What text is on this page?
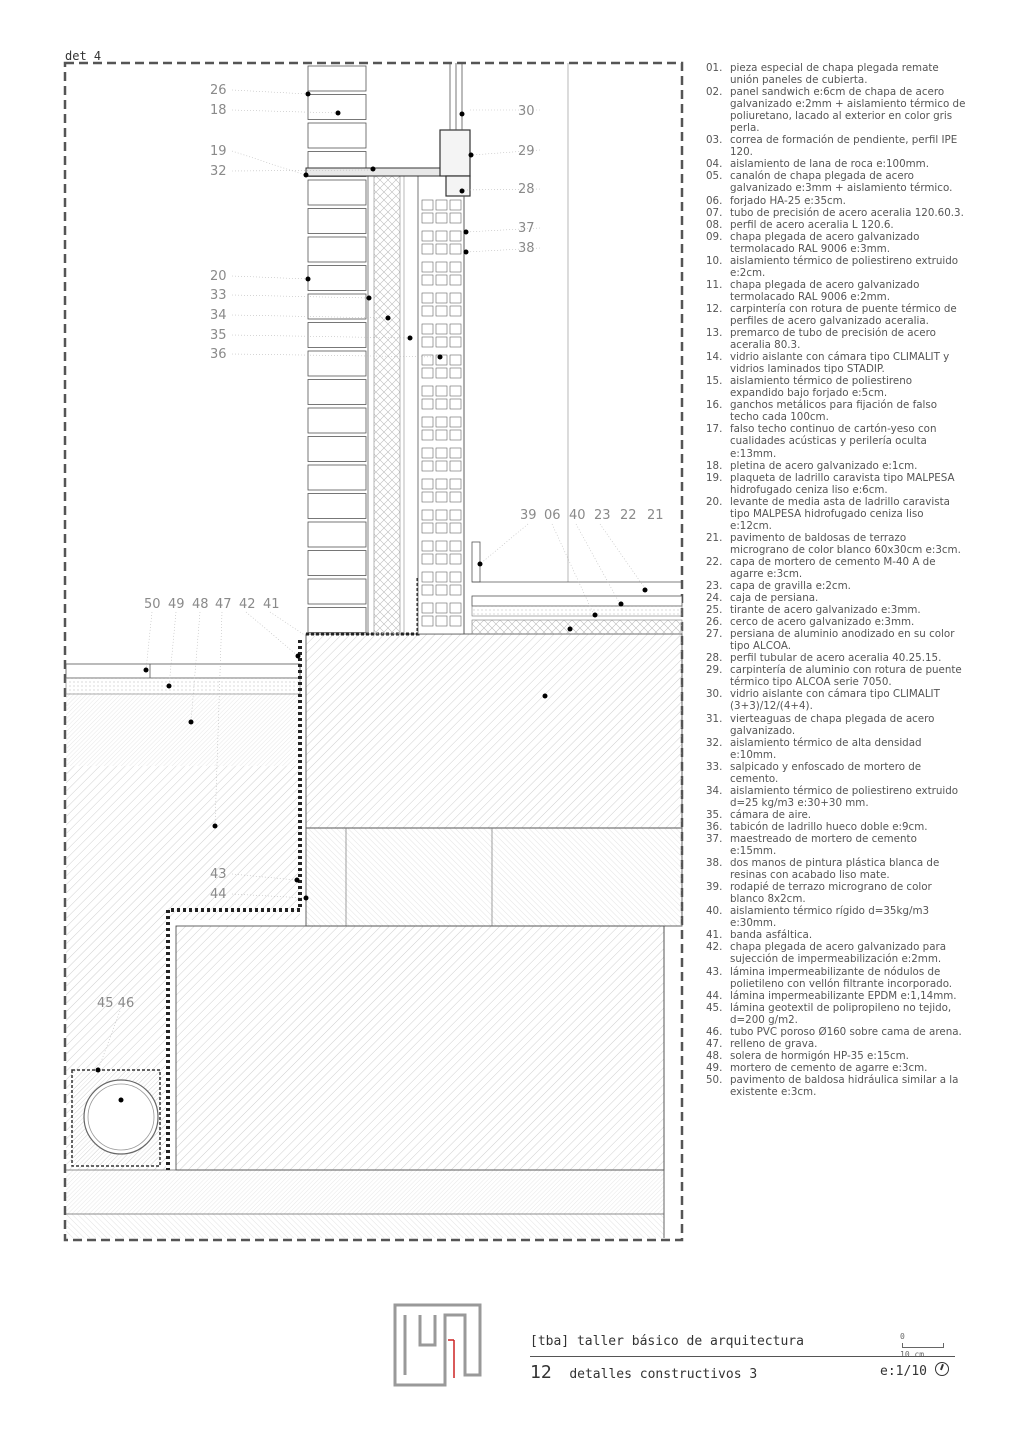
det 4
26
18
19
32
30
29
28
37
38
20
33
34
35
36
39 06 40 23 22 21
50 49 48 47 42 41
43
44
45 46
01. pieza especial de chapa plegada remate unión paneles de cubierta.
02. panel sandwich e:6cm de chapa de acero galvanizado e:2mm + aislamiento térmico de poliuretano, lacado al exterior en color gris perla.
03. correa de formación de pendiente, perfil IPE 120.
04. aislamiento de lana de roca e:100mm.
05. canalón de chapa plegada de acero galvanizado e:3mm + aislamiento térmico.
06. forjado HA-25 e:35cm.
07. tubo de precisión de acero aceralia 120.60.3.
08. perfil de acero aceralia L 120.6.
09. chapa plegada de acero galvanizado termolacado RAL 9006 e:3mm.
10. aislamiento térmico de poliestireno extruido e:2cm.
11. chapa plegada de acero galvanizado termolacado RAL 9006 e:2mm.
12. carpintería con rotura de puente térmico de perfiles de acero galvanizado aceralia.
13. premarco de tubo de precisión de acero aceralia 80.3.
14. vidrio aislante con cámara tipo CLIMALIT y vidrios laminados tipo STADIP.
15. aislamiento térmico de poliestireno expandido bajo forjado e:5cm.
16. ganchos metálicos para fijación de falso techo cada 100cm.
17. falso techo continuo de cartón-yeso con cualidades acústicas y perilería oculta e:13mm.
18. pletina de acero galvanizado e:1cm.
19. plaqueta de ladrillo caravista tipo MALPESA hidrofugado ceniza liso e:6cm.
20. levante de media asta de ladrillo caravista tipo MALPESA hidrofugado ceniza liso e:12cm.
21. pavimento de baldosas de terrazo micrograno de color blanco 60x30cm e:3cm.
22. capa de mortero de cemento M-40 A de agarre e:3cm.
23. capa de gravilla e:2cm.
24. caja de persiana.
25. tirante de acero galvanizado e:3mm.
26. cerco de acero galvanizado e:3mm.
27. persiana de aluminio anodizado en su color tipo ALCOA.
28. perfil tubular de acero aceralia 40.25.15.
29. carpintería de aluminio con rotura de puente térmico tipo ALCOA serie 7050.
30. vidrio aislante con cámara tipo CLIMALIT (3+3)/12/(4+4).
31. vierteaguas de chapa plegada de acero galvanizado.
32. aislamiento térmico de alta densidad e:10mm.
33. salpicado y enfoscado de mortero de cemento.
34. aislamiento térmico de poliestireno extruido d=25 kg/m3 e:30+30 mm.
35. cámara de aire.
36. tabicón de ladrillo hueco doble e:9cm.
37. maestreado de mortero de cemento e:15mm.
38. dos manos de pintura plástica blanca de resinas con acabado liso mate.
39. rodapié de terrazo micrograno de color blanco 8x2cm.
40. aislamiento térmico rígido d=35kg/m3 e:30mm.
41. banda asfáltica.
42. chapa plegada de acero galvanizado para sujección de impermeabilización e:2mm.
43. lámina impermeabilizante de nódulos de polietileno con vellón filtrante incorporado.
44. lámina impermeabilizante EPDM e:1,14mm.
45. lámina geotextil de polipropileno no tejido, d=200 g/m2.
46. tubo PVC poroso Ø160 sobre cama de arena.
47. relleno de grava.
48. solera de hormigón HP-35 e:15cm.
49. mortero de cemento de agarre e:3cm.
50. pavimento de baldosa hidráulica similar a la existente e:3cm.
[tba] taller básico de arquitectura	0  10 cm
12 detalles constructivos 3	e:1/10
